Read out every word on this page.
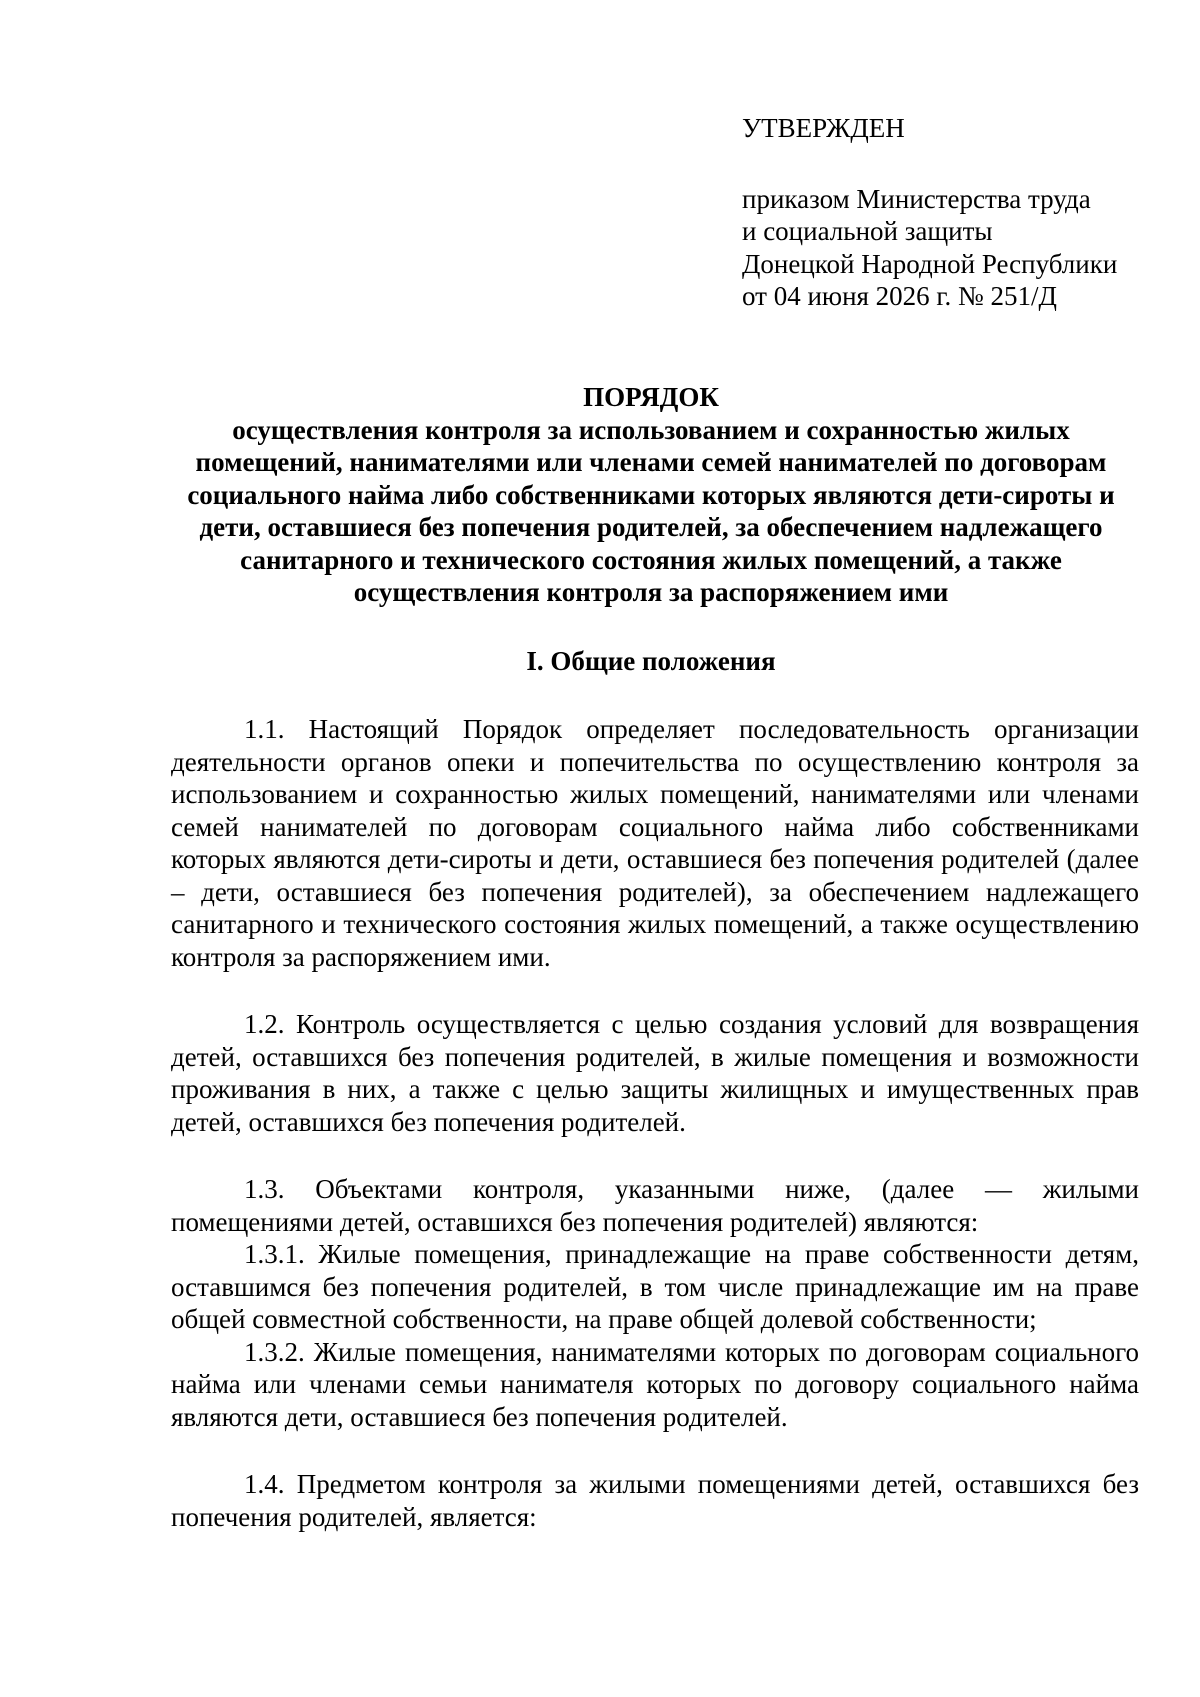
УТВЕРЖДЕН
приказом Министерства труда
и социальной защиты
Донецкой Народной Республики
от 04 июня 2026 г. № 251/Д

ПОРЯДОК

осуществления контроля за использованием и сохранностью жилых помещений, нанимателями или членами семей нанимателей по договорам социального найма либо собственниками которых являются дети-сироты и дети, оставшиеся без попечения родителей, за обеспечением надлежащего санитарного и технического состояния жилых помещений, а также осуществления контроля за распоряжением ими

I. Общие положения

1.1. Настоящий Порядок определяет последовательность организации деятельности органов опеки и попечительства по осуществлению контроля за использованием и сохранностью жилых помещений, нанимателями или членами семей нанимателей по договорам социального найма либо собственниками которых являются дети-сироты и дети, оставшиеся без попечения родителей (далее – дети, оставшиеся без попечения родителей), за обеспечением надлежащего санитарного и технического состояния жилых помещений, а также осуществлению контроля за распоряжением ими.

1.2. Контроль осуществляется с целью создания условий для возвращения детей, оставшихся без попечения родителей, в жилые помещения и возможности проживания в них, а также с целью защиты жилищных и имущественных прав детей, оставшихся без попечения родителей.

1.3. Объектами контроля, указанными ниже, (далее — жилыми помещениями детей, оставшихся без попечения родителей) являются:

1.3.1. Жилые помещения, принадлежащие на праве собственности детям, оставшимся без попечения родителей, в том числе принадлежащие им на праве общей совместной собственности, на праве общей долевой собственности;

1.3.2. Жилые помещения, нанимателями которых по договорам социального найма или членами семьи нанимателя которых по договору социального найма являются дети, оставшиеся без попечения родителей.

1.4. Предметом контроля за жилыми помещениями детей, оставшихся без попечения родителей, является:
